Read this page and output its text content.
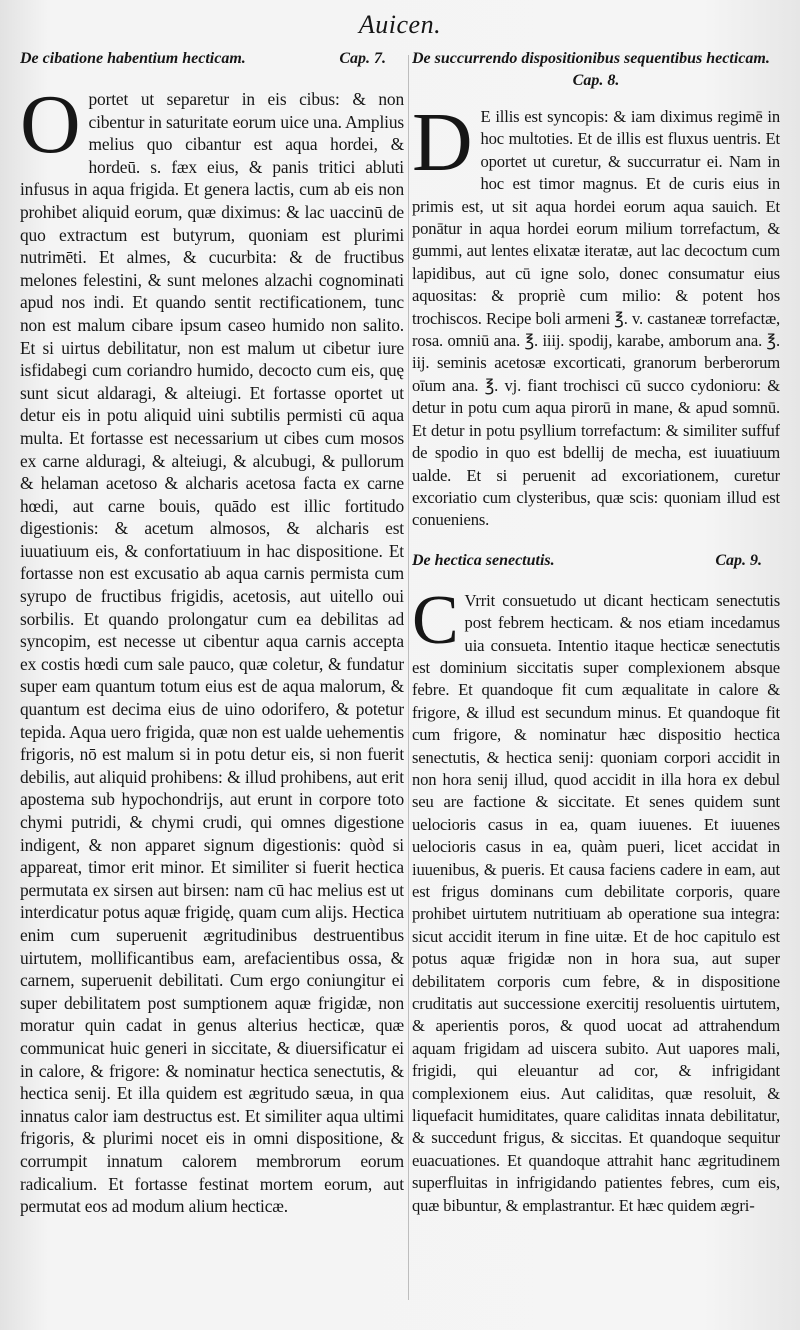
Auicen.
De cibatione habentium hecticam.	Cap. 7.

Oportet ut separetur in eis cibus: & non cibentur in saturitate eorum uice una. Amplius melius quo cibantur est aqua hordei, & hordeū. s. fæx eius, & panis tritici abluti infusus in aqua frigida. Et genera lactis, cum ab eis non prohibet aliquid eorum, quæ diximus: & lac uaccinū de quo extractum est butyrum, quoniam est plurimi nutrimēti. Et almes, & cucurbita: & de fructibus melones felestini, & sunt melones alzachi cognominati apud nos indi. Et quando sentit rectificationem, tunc non est malum cibare ipsum caseo humido non salito. Et si uirtus debilitatur, non est malum ut cibetur iure isfidabegi cum coriandro humido, decocto cum eis, quę sunt sicut aldaragi, & alteiugi. Et fortasse oportet ut detur eis in potu aliquid uini subtilis permisti cū aqua multa. Et fortasse est necessarium ut cibes cum mosos ex carne alduragi, & alteiugi, & alcubugi, & pullorum & helaman acetoso & alcharis acetosa facta ex carne hœdi, aut carne bouis, quādo est illic fortitudo digestionis: & acetum almosos, & alcharis est iuuatiuum eis, & confortatiuum in hac dispositione. Et fortasse non est excusatio ab aqua carnis permista cum syrupo de fructibus frigidis, acetosis, aut uitello oui sorbilis. Et quando prolongatur cum ea debilitas ad syncopim, est necesse ut cibentur aqua carnis accepta ex costis hœdi cum sale pauco, quæ coletur, & fundatur super eam quantum totum eius est de aqua malorum, & quantum est decima eius de uino odorifero, & potetur tepida. Aqua uero frigida, quæ non est ualde uehementis frigoris, nō est malum si in potu detur eis, si non fuerit debilis, aut aliquid prohibens: & illud prohibens, aut erit apostema sub hypochondrijs, aut erunt in corpore toto chymi putridi, & chymi crudi, qui omnes digestione indigent, & non apparet signum digestionis: quòd si appareat, timor erit minor. Et similiter si fuerit hectica permutata ex sirsen aut birsen: nam cū hac melius est ut interdicatur potus aquæ frigidę, quam cum alijs. Hectica enim cum superuenit ægritudinibus destruentibus uirtutem, mollificantibus eam, arefacientibus ossa, & carnem, superuenit debilitati. Cum ergo coniungitur ei super debilitatem post sumptionem aquæ frigidæ, non moratur quin cadat in genus alterius hecticæ, quæ communicat huic generi in siccitate, & diuersificatur ei in calore, & frigore: & nominatur hectica senectutis, & hectica senij. Et illa quidem est ægritudo sæua, in qua innatus calor iam destructus est. Et similiter aqua ultimi frigoris, & plurimi nocet eis in omni dispositione, & corrumpit innatum calorem membrorum eorum radicalium. Et fortasse festinat mortem eorum, aut permutat eos ad modum alium hecticæ.

De succurrendo dispositionibus sequentibus hecticam.
Cap. 8.

D E illis est syncopis: & iam diximus regimē in hoc multoties. Et de illis est fluxus uentris. Et oportet ut curetur, & succurratur ei. Nam in hoc est timor magnus. Et de curis eius in primis est, ut sit aqua hordei eorum aqua sauich. Et ponātur in aqua hordei eorum milium torrefactum, & gummi, aut lentes elixatæ iteratæ, aut lac decoctum cum lapidibus, aut cū igne solo, donec consumatur eius aquositas: & propriè cum milio: & potent hos trochiscos. Recipe boli armeni ℥. v. castaneæ torrefactæ, rosa. omniū ana. ℥. iiij. spodij, karabe, amborum ana. ℥. iij. seminis acetosæ excorticati, granorum berberorum oīum ana. ℥. vj. fiant trochisci cū succo cydonioru: & detur in potu cum aqua pirorū in mane, & apud somnū. Et detur in potu psyllium torrefactum: & similiter suffuf de spodio in quo est bdellij de mecha, est iuuatiuum ualde. Et si peruenit ad excoriationem, curetur excoriatio cum clysteribus, quæ scis: quoniam illud est conueniens.

De hectica senectutis.	Cap. 9.

C Vrrit consuetudo ut dicant hecticam senectutis post febrem hecticam. & nos etiam incedamus uia consueta. Intentio itaque hecticæ senectutis est dominium siccitatis super complexionem absque febre. Et quandoque fit cum æqualitate in calore & frigore, & illud est secundum minus. Et quandoque fit cum frigore, & nominatur hæc dispositio hectica senectutis, & hectica senij: quoniam corpori accidit in non hora senij illud, quod accidit in illa hora ex debul seu are factione & siccitate. Et senes quidem sunt uelocioris casus in ea, quam iuuenes. Et iuuenes uelocioris casus in ea, quàm pueri, licet accidat in iuuenibus, & pueris. Et causa faciens cadere in eam, aut est frigus dominans cum debilitate corporis, quare prohibet uirtutem nutritiuam ab operatione sua integra: sicut accidit iterum in fine uitæ. Et de hoc capitulo est potus aquæ frigidæ non in hora sua, aut super debilitatem corporis cum febre, & in dispositione cruditatis aut successione exercitij resoluentis uirtutem, & aperientis poros, & quod uocat ad attrahendum aquam frigidam ad uiscera subito. Aut uapores mali, frigidi, qui eleuantur ad cor, & infrigidant complexionem eius. Aut caliditas, quæ resoluit, & liquefacit humiditates, quare caliditas innata debilitatur, & succedunt frigus, & siccitas. Et quandoque sequitur euacuationes. Et quandoque attrahit hanc ægritudinem superfluitas in infrigidando patientes febres, cum eis, quæ bibuntur, & emplastrantur. Et hæc quidem ægri-
